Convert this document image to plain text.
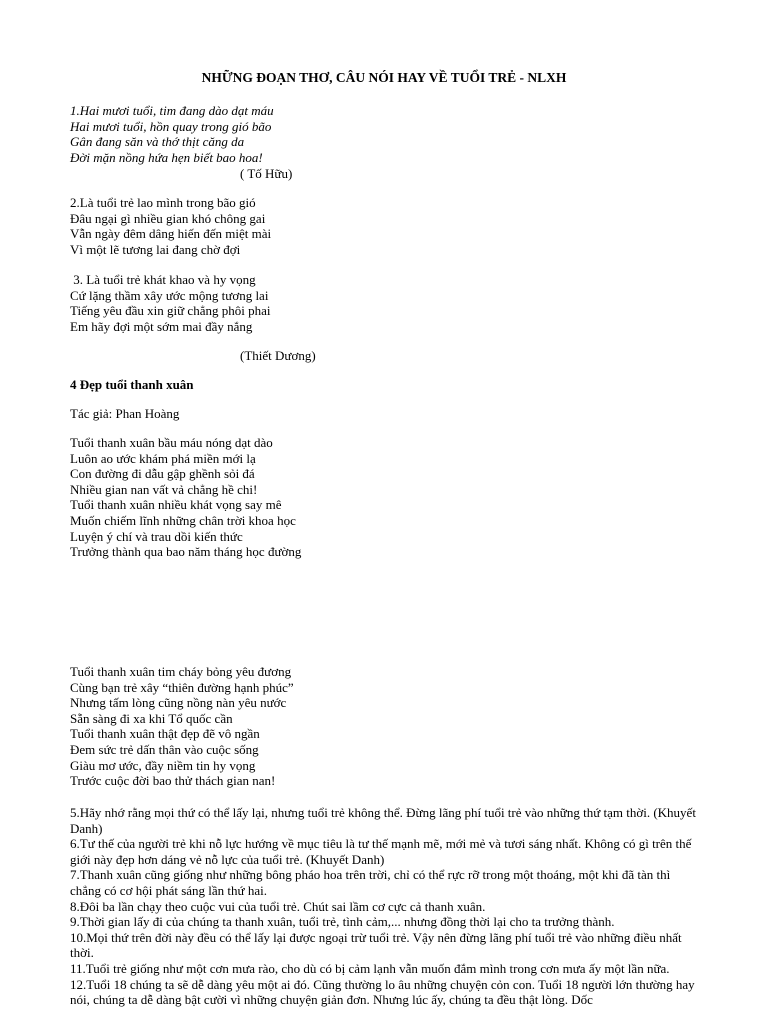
NHỮNG ĐOẠN THƠ, CÂU NÓI HAY VỀ TUỔI TRẺ - NLXH
1.Hai mươi tuổi, tim đang dào dạt máu
Hai mươi tuổi, hồn quay trong gió bão
Gân đang săn và thớ thịt căng da
Đời mặn nồng hứa hẹn biết bao hoa!
( Tố Hữu)
2.Là tuổi trẻ lao mình trong bão gió
Đâu ngại gì nhiều gian khó chông gai
Vẫn ngày đêm dâng hiến đến miệt mài
Vì một lẽ tương lai đang chờ đợi
3. Là tuổi trẻ khát khao và hy vọng
Cứ lặng thầm xây ước mộng tương lai
Tiếng yêu đầu xin giữ chẳng phôi phai
Em hãy đợi một sớm mai đầy nắng
(Thiết Dương)
4 Đẹp tuổi thanh xuân
Tác giả: Phan Hoàng
Tuổi thanh xuân bầu máu nóng dạt dào
Luôn ao ước khám phá miền mới lạ
Con đường đi dẫu gập ghềnh sỏi đá
Nhiều gian nan vất vả chẳng hề chi!
Tuổi thanh xuân nhiều khát vọng say mê
Muốn chiếm lĩnh những chân trời khoa học
Luyện ý chí và trau dồi kiến thức
Trưởng thành qua bao năm tháng học đường
Tuổi thanh xuân tim cháy bỏng yêu đương
Cùng bạn trẻ xây “thiên đường hạnh phúc”
Nhưng tấm lòng cũng nồng nàn yêu nước
Sẵn sàng đi xa khi Tổ quốc cần
Tuổi thanh xuân thật đẹp đẽ vô ngần
Đem sức trẻ dấn thân vào cuộc sống
Giàu mơ ước, đầy niềm tin hy vọng
Trước cuộc đời bao thử thách gian nan!
5.Hãy nhớ rằng mọi thứ có thể lấy lại, nhưng tuổi trẻ không thể. Đừng lãng phí tuổi trẻ vào những thứ tạm thời. (Khuyết Danh)
6.Tư thế của người trẻ khi nỗ lực hướng về mục tiêu là tư thế mạnh mẽ, mới mẻ và tươi sáng nhất. Không có gì trên thế giới này đẹp hơn dáng vẻ nỗ lực của tuổi trẻ. (Khuyết Danh)
7.Thanh xuân cũng giống như những bông pháo hoa trên trời, chỉ có thể rực rỡ trong một thoáng, một khi đã tàn thì chẳng có cơ hội phát sáng lần thứ hai.
8.Đôi ba lần chạy theo cuộc vui của tuổi trẻ. Chút sai lầm cơ cực cả thanh xuân.
9.Thời gian lấy đi của chúng ta thanh xuân, tuổi trẻ, tình cảm,... nhưng đồng thời lại cho ta trưởng thành.
10.Mọi thứ trên đời này đều có thể lấy lại được ngoại trừ tuổi trẻ. Vậy nên đừng lãng phí tuổi trẻ vào những điều nhất thời.
11.Tuổi trẻ giống như một cơn mưa rào, cho dù có bị cảm lạnh vẫn muốn đắm mình trong cơn mưa ấy một lần nữa.
12.Tuổi 18 chúng ta sẽ dễ dàng yêu một ai đó. Cũng thường lo âu những chuyện cỏn con. Tuổi 18 người lớn thường hay nói, chúng ta dễ dàng bật cười vì những chuyện giản đơn. Nhưng lúc ấy, chúng ta đều thật lòng. Dốc
